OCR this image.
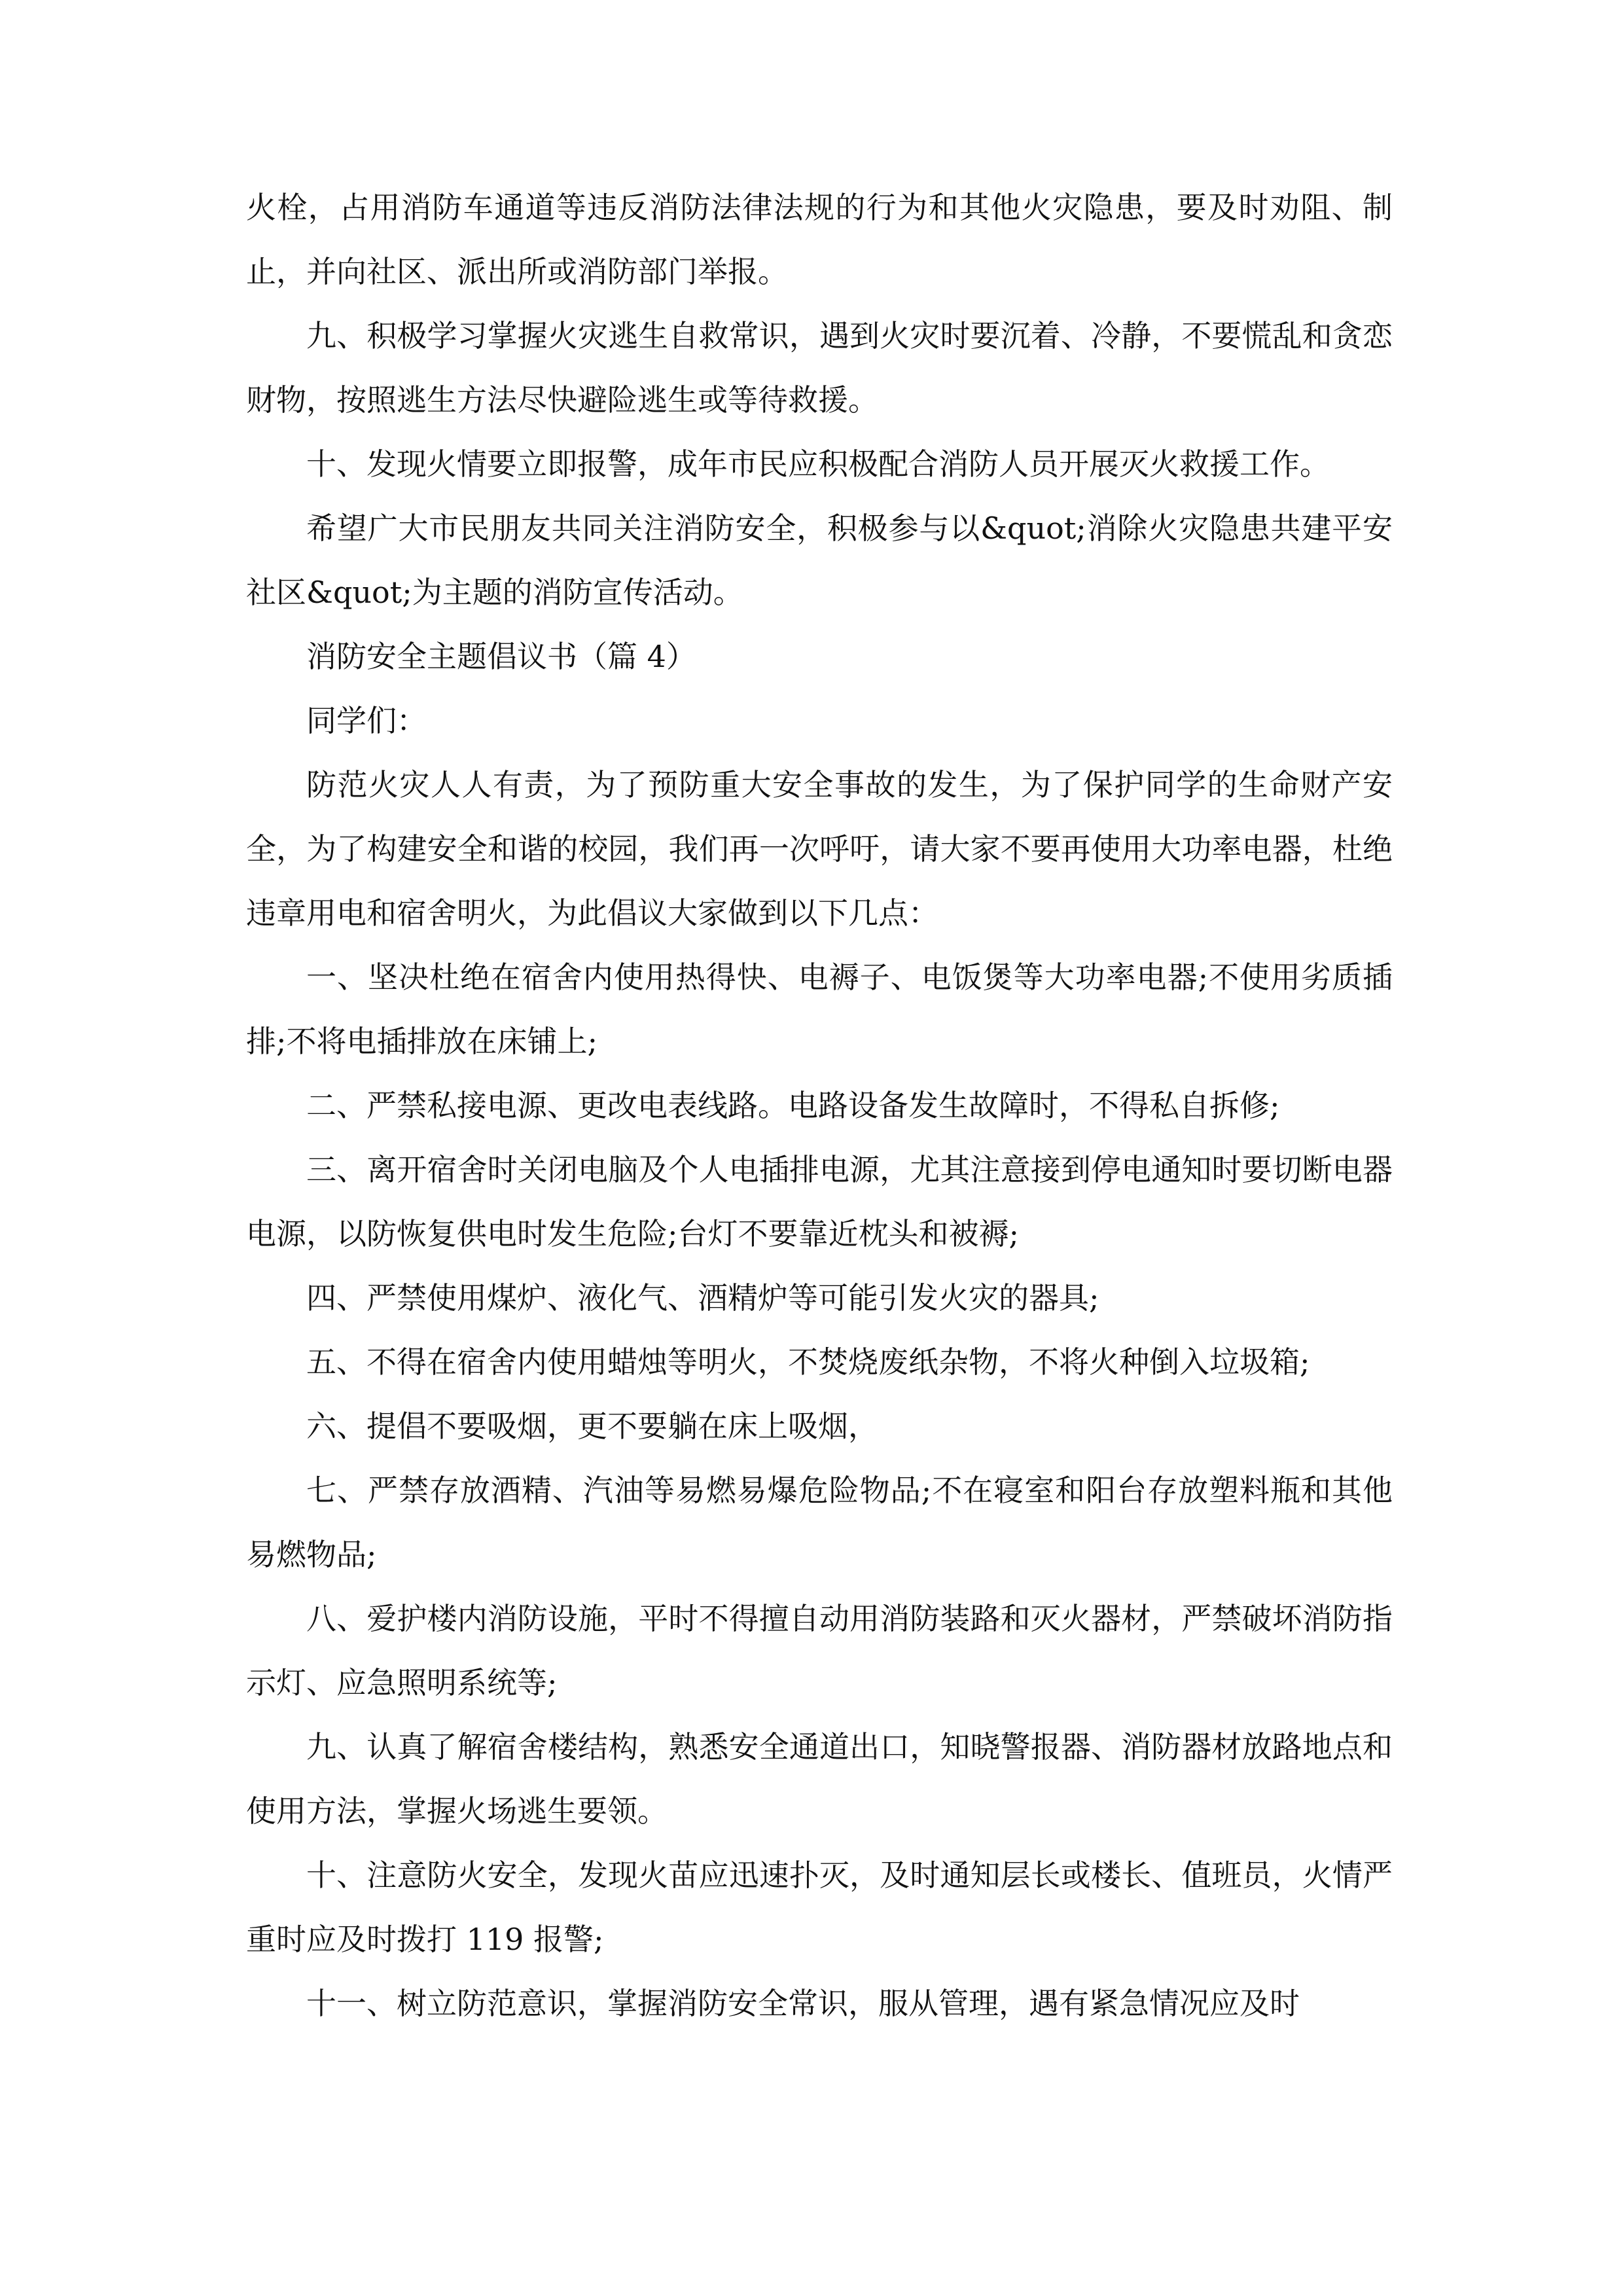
火栓，占用消防车通道等违反消防法律法规的行为和其他火灾隐患，要及时劝阻、制止，并向社区、派出所或消防部门举报。

九、积极学习掌握火灾逃生自救常识，遇到火灾时要沉着、冷静，不要慌乱和贪恋财物，按照逃生方法尽快避险逃生或等待救援。

十、发现火情要立即报警，成年市民应积极配合消防人员开展灭火救援工作。

希望广大市民朋友共同关注消防安全，积极参与以&quot;消除火灾隐患共建平安社区&quot;为主题的消防宣传活动。

消防安全主题倡议书（篇 4）

同学们：

防范火灾人人有责，为了预防重大安全事故的发生，为了保护同学的生命财产安全，为了构建安全和谐的校园，我们再一次呼吁，请大家不要再使用大功率电器，杜绝违章用电和宿舍明火，为此倡议大家做到以下几点：

一、坚决杜绝在宿舍内使用热得快、电褥子、电饭煲等大功率电器;不使用劣质插排;不将电插排放在床铺上;

二、严禁私接电源、更改电表线路。电路设备发生故障时，不得私自拆修;

三、离开宿舍时关闭电脑及个人电插排电源，尤其注意接到停电通知时要切断电器电源，以防恢复供电时发生危险;台灯不要靠近枕头和被褥;

四、严禁使用煤炉、液化气、酒精炉等可能引发火灾的器具;

五、不得在宿舍内使用蜡烛等明火，不焚烧废纸杂物，不将火种倒入垃圾箱;

六、提倡不要吸烟，更不要躺在床上吸烟，

七、严禁存放酒精、汽油等易燃易爆危险物品;不在寝室和阳台存放塑料瓶和其他易燃物品;

八、爱护楼内消防设施，平时不得擅自动用消防装路和灭火器材，严禁破坏消防指示灯、应急照明系统等;

九、认真了解宿舍楼结构，熟悉安全通道出口，知晓警报器、消防器材放路地点和使用方法，掌握火场逃生要领。

十、注意防火安全，发现火苗应迅速扑灭，及时通知层长或楼长、值班员，火情严重时应及时拨打 119 报警;

十一、树立防范意识，掌握消防安全常识，服从管理，遇有紧急情况应及时
